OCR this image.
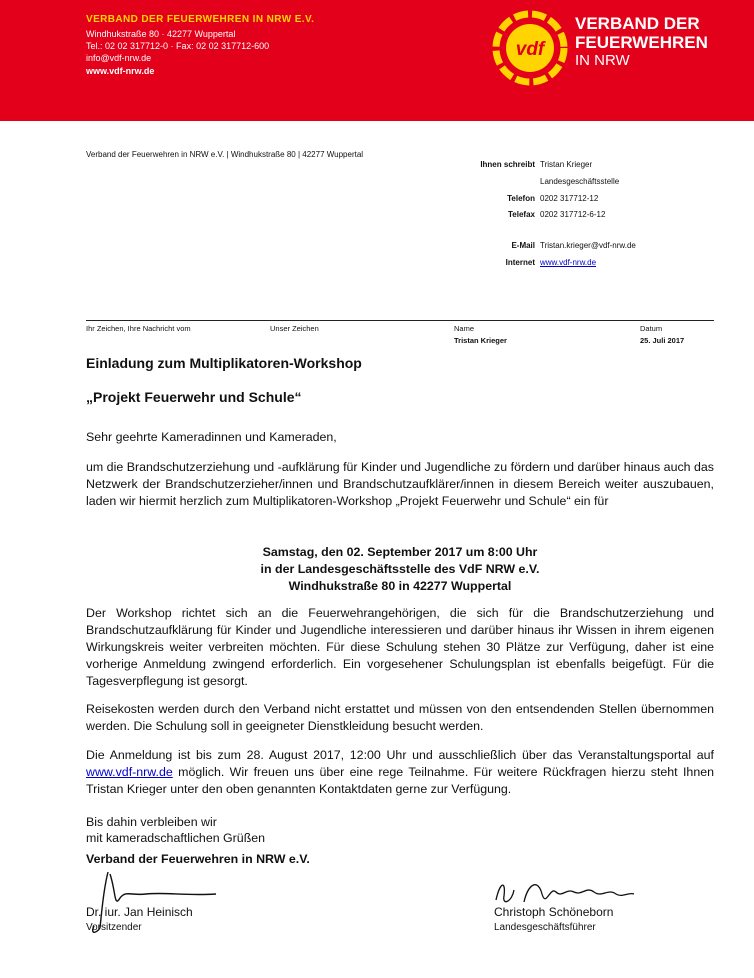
VERBAND DER FEUERWEHREN IN NRW E.V.
Windhukstraße 80 · 42277 Wuppertal
Tel.: 02 02 317712-0 · Fax: 02 02 317712-600
info@vdf-nrw.de
www.vdf-nrw.de
vdf
VERBAND DER
FEUERWEHREN
IN NRW
Verband der Feuerwehren in NRW e.V. | Windhukstraße 80 | 42277 Wuppertal
Ihnen schreibt Tristan Krieger
Landesgeschäftsstelle
Telefon 0202 317712-12
Telefax 0202 317712-6-12
E-Mail Tristan.krieger@vdf-nrw.de
Internet www.vdf-nrw.de
Ihr Zeichen, Ihre Nachricht vom	Unser Zeichen	Name
Tristan Krieger
Datum
25. Juli 2017
Einladung zum Multiplikatoren-Workshop
„Projekt Feuerwehr und Schule“
Sehr geehrte Kameradinnen und Kameraden,
um die Brandschutzerziehung und -aufklärung für Kinder und Jugendliche zu fördern und darüber hinaus auch das Netzwerk der Brandschutzerzieher/innen und Brandschutzaufklärer/innen in diesem Bereich weiter auszubauen, laden wir hiermit herzlich zum Multiplikatoren-Workshop „Projekt Feuerwehr und Schule“ ein für
Samstag, den 02. September 2017 um 8:00 Uhr
in der Landesgeschäftsstelle des VdF NRW e.V.
Windhukstraße 80 in 42277 Wuppertal
Der Workshop richtet sich an die Feuerwehrangehörigen, die sich für die Brandschutzerziehung und Brandschutzaufklärung für Kinder und Jugendliche interessieren und darüber hinaus ihr Wissen in ihrem eigenen Wirkungskreis weiter verbreiten möchten. Für diese Schulung stehen 30 Plätze zur Verfügung, daher ist eine vorherige Anmeldung zwingend erforderlich. Ein vorgesehener Schulungsplan ist ebenfalls beigefügt. Für die Tagesverpflegung ist gesorgt.
Reisekosten werden durch den Verband nicht erstattet und müssen von den entsendenden Stellen übernommen werden. Die Schulung soll in geeigneter Dienstkleidung besucht werden.
Die Anmeldung ist bis zum 28. August 2017, 12:00 Uhr und ausschließlich über das Veranstaltungsportal auf www.vdf-nrw.de möglich. Wir freuen uns über eine rege Teilnahme. Für weitere Rückfragen hierzu steht Ihnen Tristan Krieger unter den oben genannten Kontaktdaten gerne zur Verfügung.
Bis dahin verbleiben wir
mit kameradschaftlichen Grüßen
Verband der Feuerwehren in NRW e.V.
Dr. iur. Jan Heinisch
Vorsitzender
Christoph Schöneborn
Landesgeschäftsführer
